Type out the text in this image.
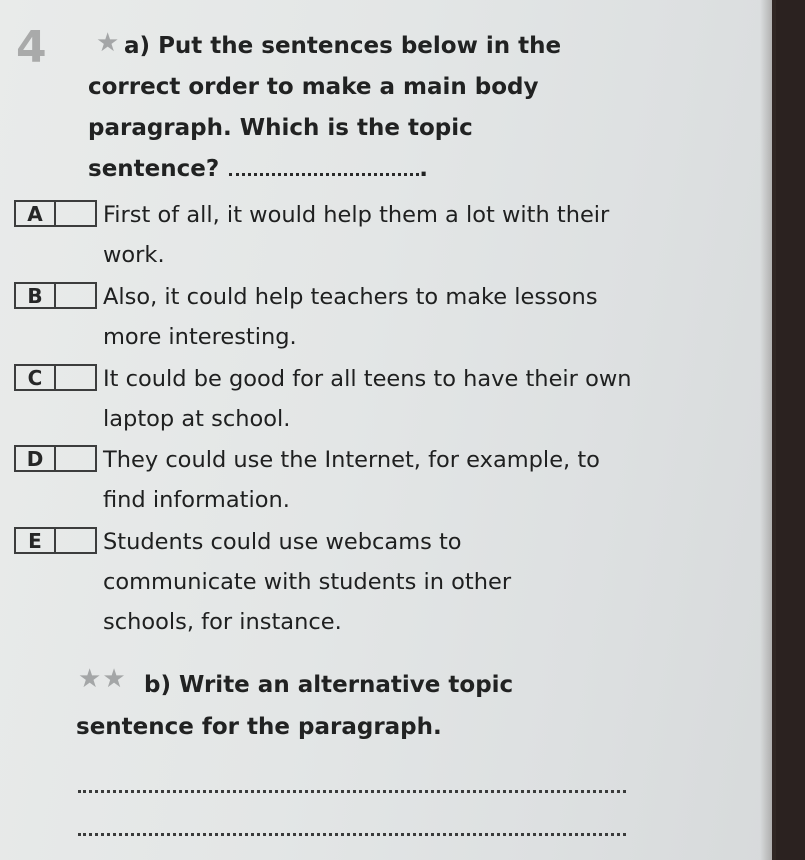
4 ★ a) Put the sentences below in the correct order to make a main body paragraph. Which is the topic sentence?	.

A	First of all, it would help them a lot with their work.

B	Also, it could help teachers to make lessons more interesting.

C	It could be good for all teens to have their own laptop at school.

D	They could use the Internet, for example, to find information.

E	Students could use webcams to communicate with students in other schools, for instance.

★★ b) Write an alternative topic sentence for the paragraph.
